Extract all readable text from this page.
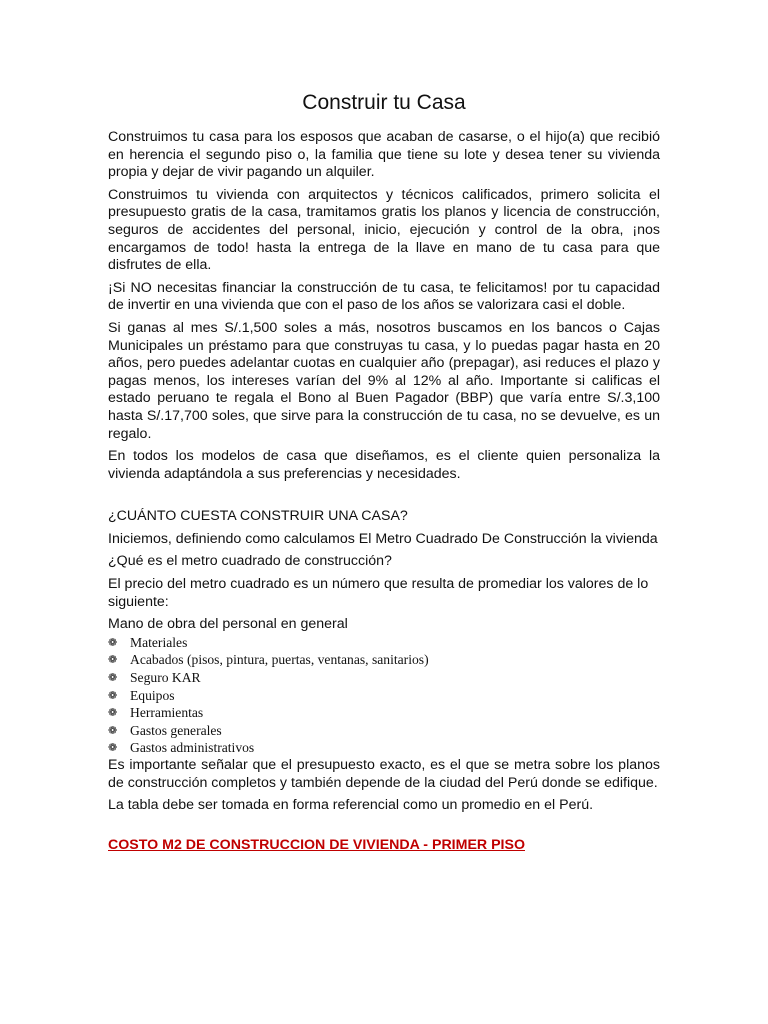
Construir tu Casa
Construimos tu casa para los esposos que acaban de casarse, o el hijo(a) que recibió en herencia el segundo piso o, la familia que tiene su lote y desea tener su vivienda propia y dejar de vivir pagando un alquiler.
Construimos tu vivienda con arquitectos y técnicos calificados, primero solicita el presupuesto gratis de la casa, tramitamos gratis los planos y licencia de construcción, seguros de accidentes del personal, inicio, ejecución y control de la obra, ¡nos encargamos de todo! hasta la entrega de la llave en mano de tu casa para que disfrutes de ella.
¡Si NO necesitas financiar la construcción de tu casa, te felicitamos! por tu capacidad de invertir en una vivienda que con el paso de los años se valorizara casi el doble.
Si ganas al mes S/.1,500 soles a más, nosotros buscamos en los bancos o Cajas Municipales un préstamo para que construyas tu casa, y lo puedas pagar hasta en 20 años, pero puedes adelantar cuotas en cualquier año (prepagar), asi reduces el plazo y pagas menos, los intereses varían del 9% al 12% al año. Importante si calificas el estado peruano te regala el Bono al Buen Pagador (BBP) que varía entre S/.3,100 hasta S/.17,700 soles, que sirve para la construcción de tu casa, no se devuelve, es un regalo.
En todos los modelos de casa que diseñamos, es el cliente quien personaliza la vivienda adaptándola a sus preferencias y necesidades.
¿CUÁNTO CUESTA CONSTRUIR UNA CASA?
Iniciemos, definiendo como calculamos El Metro Cuadrado De Construcción la vivienda
¿Qué es el metro cuadrado de construcción?
El precio del metro cuadrado es un número que resulta de promediar los valores de lo siguiente:
Mano de obra del personal en general
❁ Materiales
❁ Acabados (pisos, pintura, puertas, ventanas, sanitarios)
❁ Seguro KAR
❁ Equipos
❁ Herramientas
❁ Gastos generales
❁ Gastos administrativos
Es importante señalar que el presupuesto exacto, es el que se metra sobre los planos de construcción completos y también depende de la ciudad del Perú donde se edifique.
La tabla debe ser tomada en forma referencial como un promedio en el Perú.
COSTO M2 DE CONSTRUCCION DE VIVIENDA - PRIMER PISO
